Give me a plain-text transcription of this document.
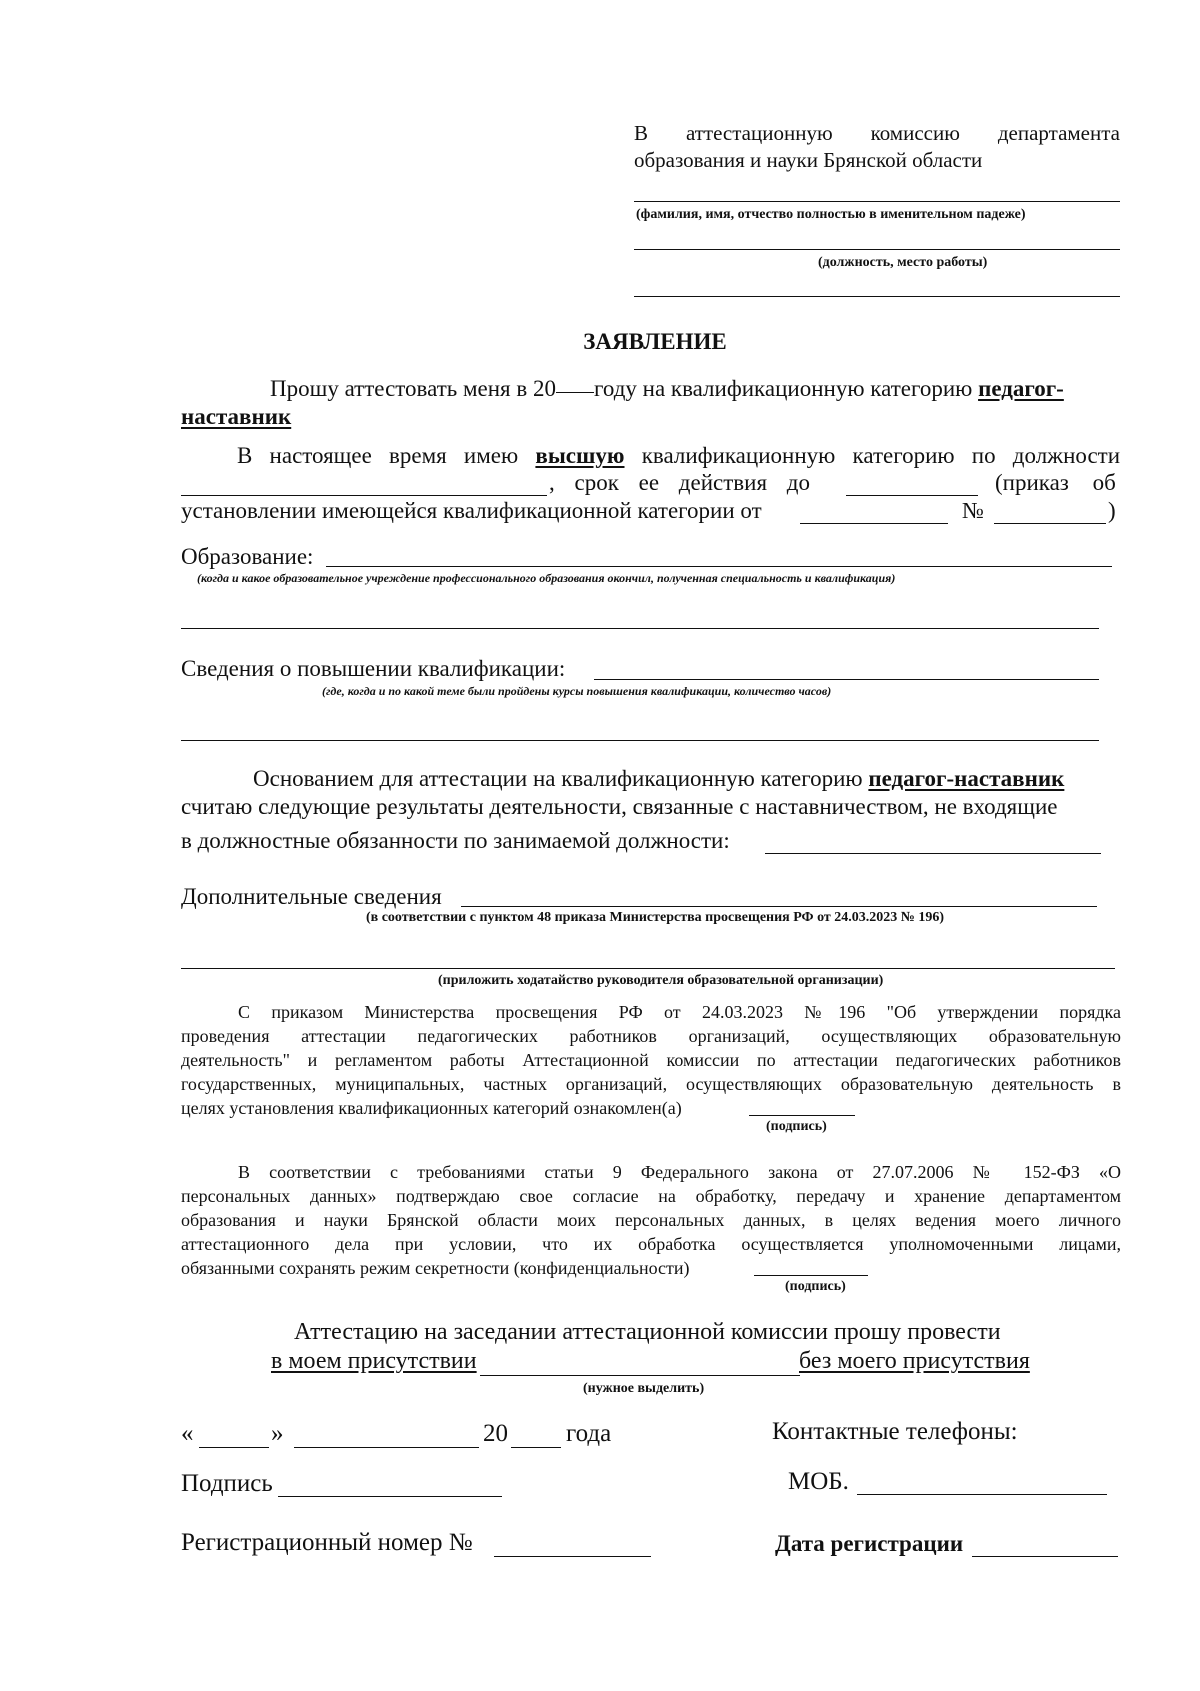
В аттестационную комиссию департамента
образования и науки Брянской области
(фамилия, имя, отчество полностью в именительном падеже)
(должность, место работы)
ЗАЯВЛЕНИЕ
Прошу аттестовать меня в 20 году на квалификационную категорию педагог-
наставник
В настоящее время имею высшую квалификационную категорию по должности
, срок ее действия до	(приказ об
установлении имеющейся квалификационной категории от	№	)
Образование:
(когда и какое образовательное учреждение профессионального образования окончил, полученная специальность и квалификация)
Сведения о повышении квалификации:
(где, когда и по какой теме были пройдены курсы повышения квалификации, количество часов)
Основанием для аттестации на квалификационную категорию педагог-наставник
считаю следующие результаты деятельности, связанные с наставничеством, не входящие
в должностные обязанности по занимаемой должности:
Дополнительные сведения
(в соответствии с пунктом 48 приказа Министерства просвещения РФ от 24.03.2023 № 196)
(приложить ходатайство руководителя образовательной организации)
С приказом Министерства просвещения РФ от 24.03.2023 №196 "Об утверждении порядка
проведения аттестации педагогических работников организаций, осуществляющих образовательную
деятельность" и регламентом работы Аттестационной комиссии по аттестации педагогических работников
государственных, муниципальных, частных организаций, осуществляющих образовательную деятельность в
целях установления квалификационных категорий ознакомлен(а)
(подпись)
В соответствии с требованиями статьи 9 Федерального закона от 27.07.2006 № 152-ФЗ «О
персональных данных» подтверждаю свое согласие на обработку, передачу и хранение департаментом
образования и науки Брянской области моих персональных данных, в целях ведения моего личного
аттестационного дела при условии, что их обработка осуществляется уполномоченными лицами,
обязанными сохранять режим секретности (конфиденциальности)
(подпись)
Аттестацию на заседании аттестационной комиссии прошу провести
в моем присутствии	без моего присутствия
(нужное выделить)
«	»	20 года	Контактные телефоны:
Подпись	МОБ.
Регистрационный номер №	Дата регистрации
